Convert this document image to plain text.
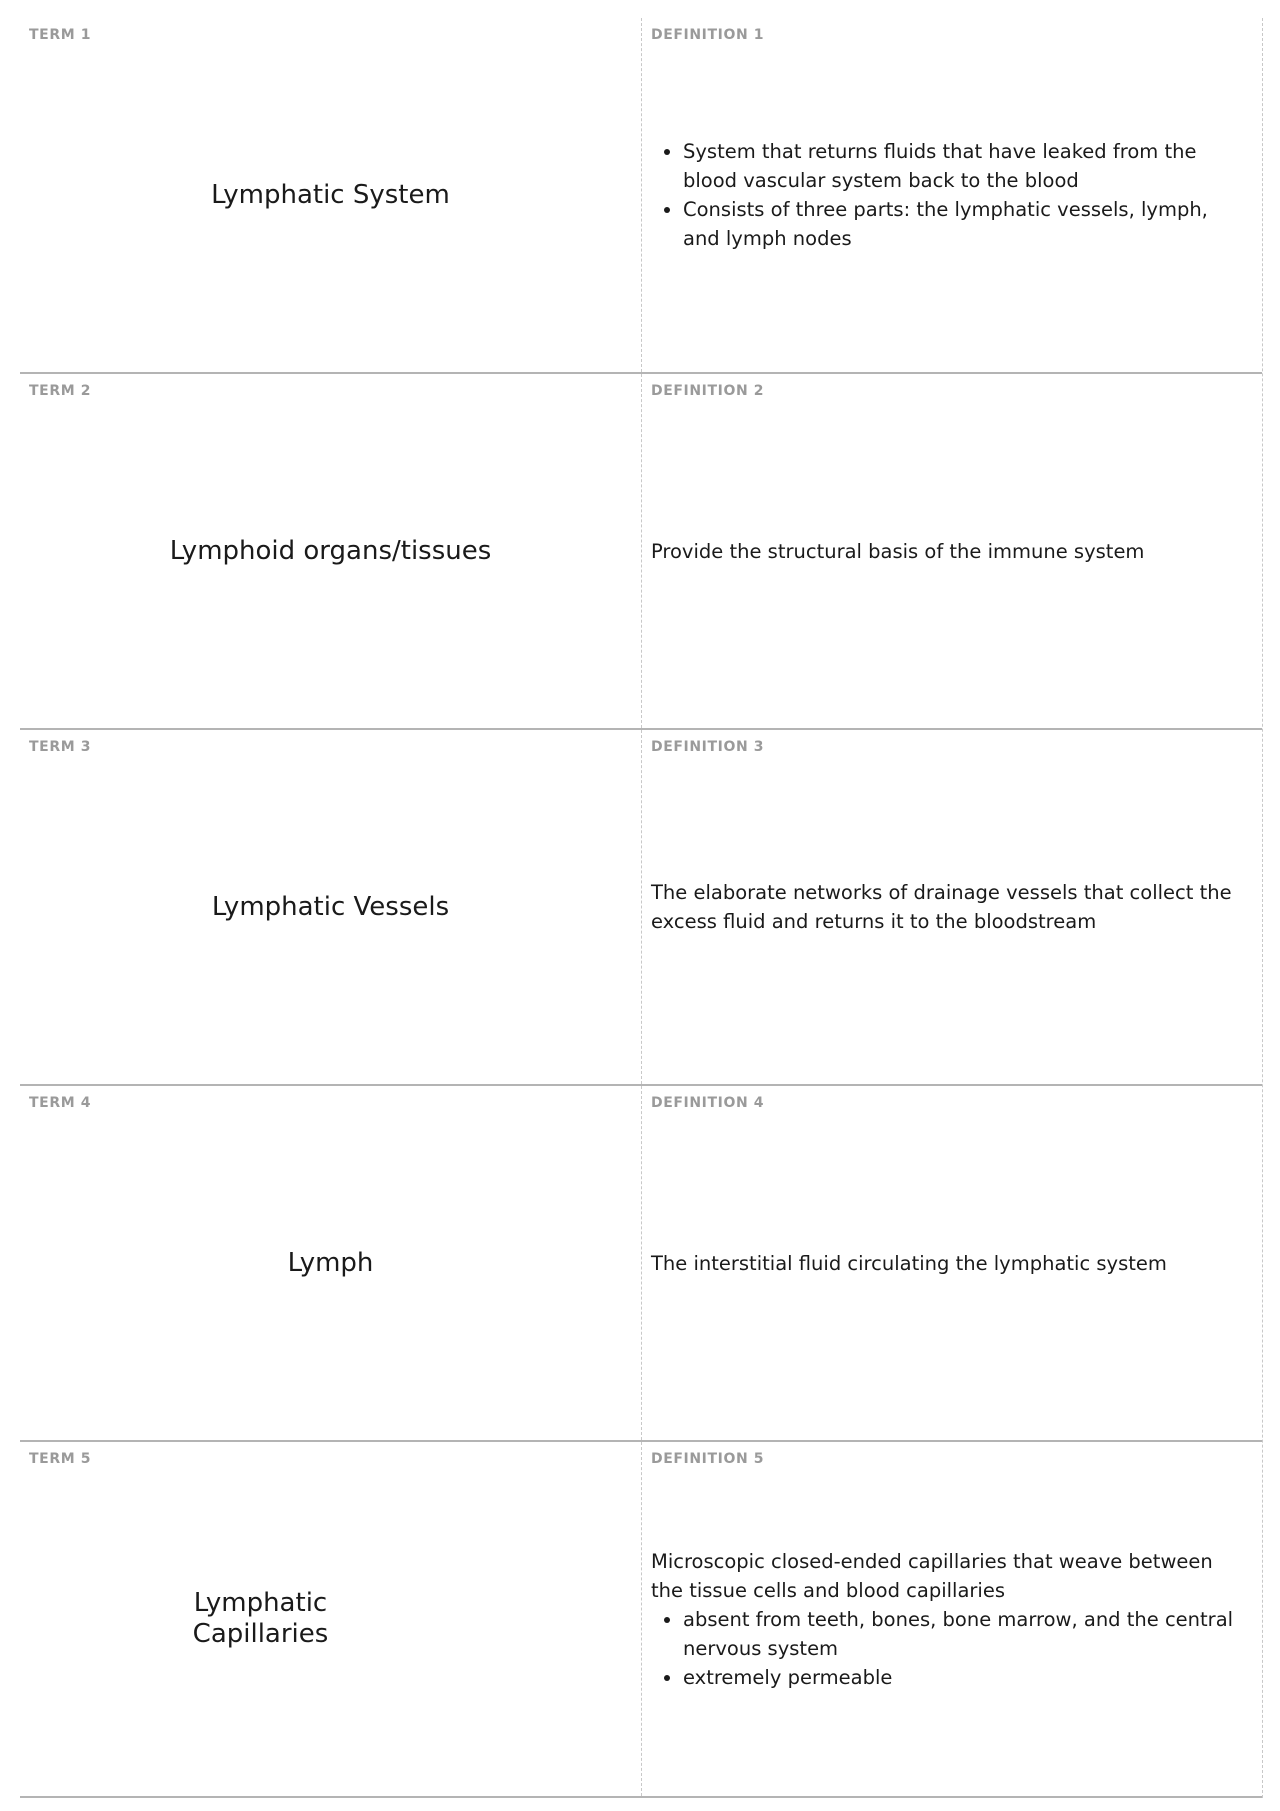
TERM 1
Lymphatic System
DEFINITION 1
• System that returns fluids that have leaked from the blood vascular system back to the blood
• Consists of three parts: the lymphatic vessels, lymph, and lymph nodes
TERM 2
Lymphoid organs/tissues
DEFINITION 2

Provide the structural basis of the immune system

TERM 3
Lymphatic Vessels
DEFINITION 3

The elaborate networks of drainage vessels that collect the excess fluid and returns it to the bloodstream

TERM 4
Lymph
DEFINITION 4

The interstitial fluid circulating the lymphatic system

TERM 5
Lymphatic Capillaries
DEFINITION 5

Microscopic closed-ended capillaries that weave between the tissue cells and blood capillaries

• absent from teeth, bones, bone marrow, and the central nervous system
• extremely permeable
